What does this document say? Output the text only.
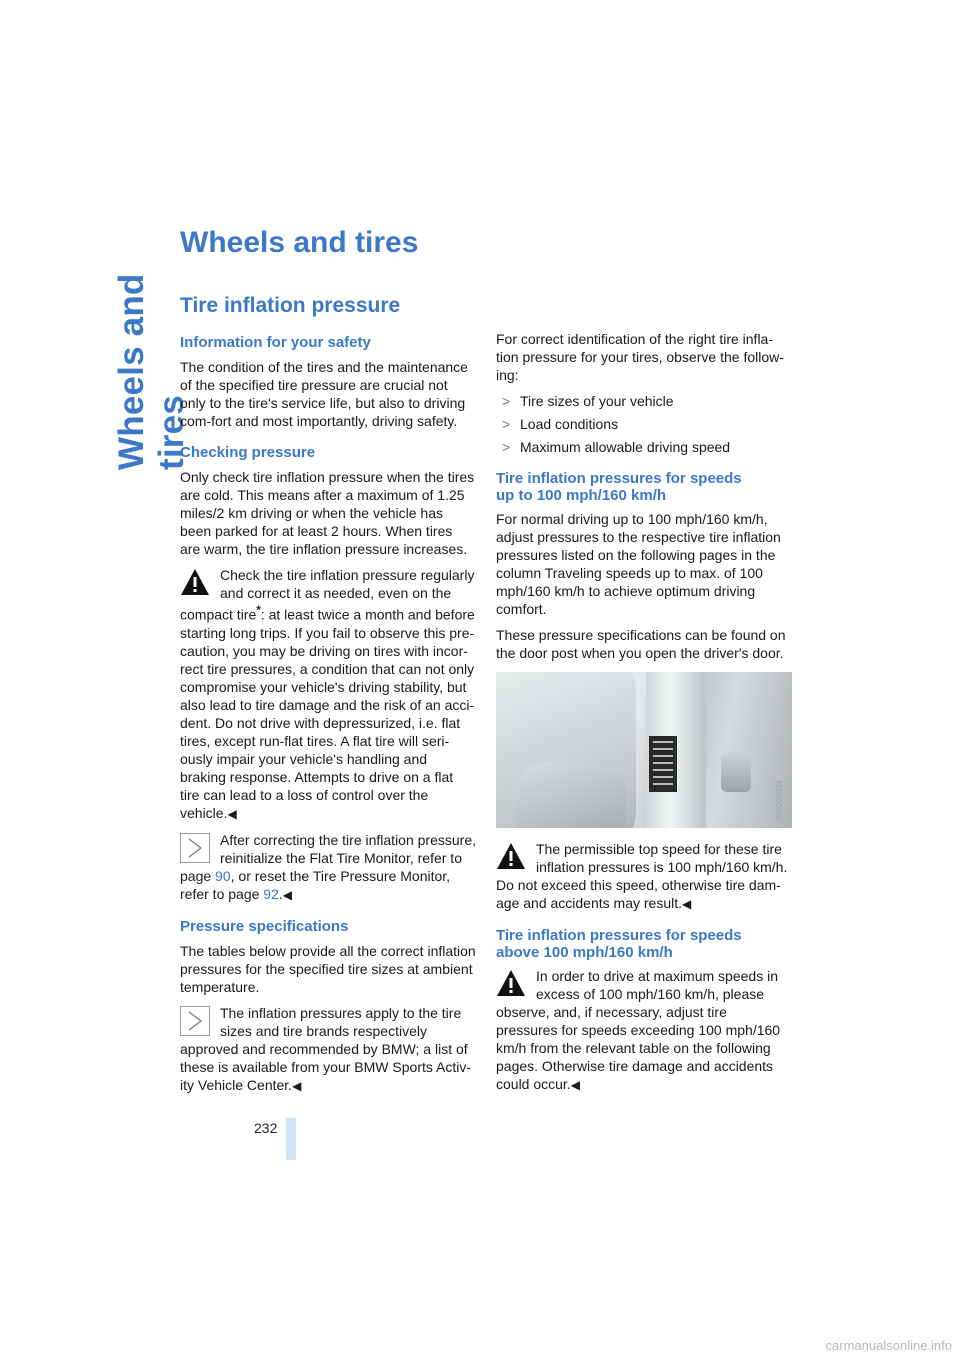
Wheels and tires
232
Wheels and tires
Tire inflation pressure
Information for your safety

The condition of the tires and the maintenance of the specified tire pressure are crucial not only to the tire's service life, but also to driving com-fort and most importantly, driving safety.

Checking pressure

Only check tire inflation pressure when the tires are cold. This means after a maximum of 1.25 miles/2 km driving or when the vehicle has been parked for at least 2 hours. When tires are warm, the tire inflation pressure increases.

Check the tire inflation pressure regularly and correct it as needed, even on the compact tire*: at least twice a month and before starting long trips. If you fail to observe this pre-caution, you may be driving on tires with incor-rect tire pressures, a condition that can not only compromise your vehicle's driving stability, but also lead to tire damage and the risk of an acci-dent. Do not drive with depressurized, i.e. flat tires, except run-flat tires. A flat tire will seri-ously impair your vehicle's handling and braking response. Attempts to drive on a flat tire can lead to a loss of control over the vehicle.◀
After correcting the tire inflation pressure, reinitialize the Flat Tire Monitor, refer to page 90, or reset the Tire Pressure Monitor, refer to page 92.◀
Pressure specifications

The tables below provide all the correct inflation pressures for the specified tire sizes at ambient temperature.

The inflation pressures apply to the tire sizes and tire brands respectively approved and recommended by BMW; a list of these is available from your BMW Sports Activ-ity Vehicle Center.◀

For correct identification of the right tire infla-tion pressure for your tires, observe the follow-ing:

> Tire sizes of your vehicle
> Load conditions
> Maximum allowable driving speed
Tire inflation pressures for speeds
up to 100 mph/160 km/h

For normal driving up to 100 mph/160 km/h, adjust pressures to the respective tire inflation pressures listed on the following pages in the column Traveling speeds up to max. of 100 mph/160 km/h to achieve optimum driving comfort.

These pressure specifications can be found on the door post when you open the driver's door.

W0D00034
The permissible top speed for these tire inflation pressures is 100 mph/160 km/h. Do not exceed this speed, otherwise tire dam-age and accidents may result.◀
Tire inflation pressures for speeds
above 100 mph/160 km/h
In order to drive at maximum speeds in excess of 100 mph/160 km/h, please observe, and, if necessary, adjust tire pressures for speeds exceeding 100 mph/160 km/h from the relevant table on the following pages. Otherwise tire damage and accidents could occur.◀
carmanualsonline.info
